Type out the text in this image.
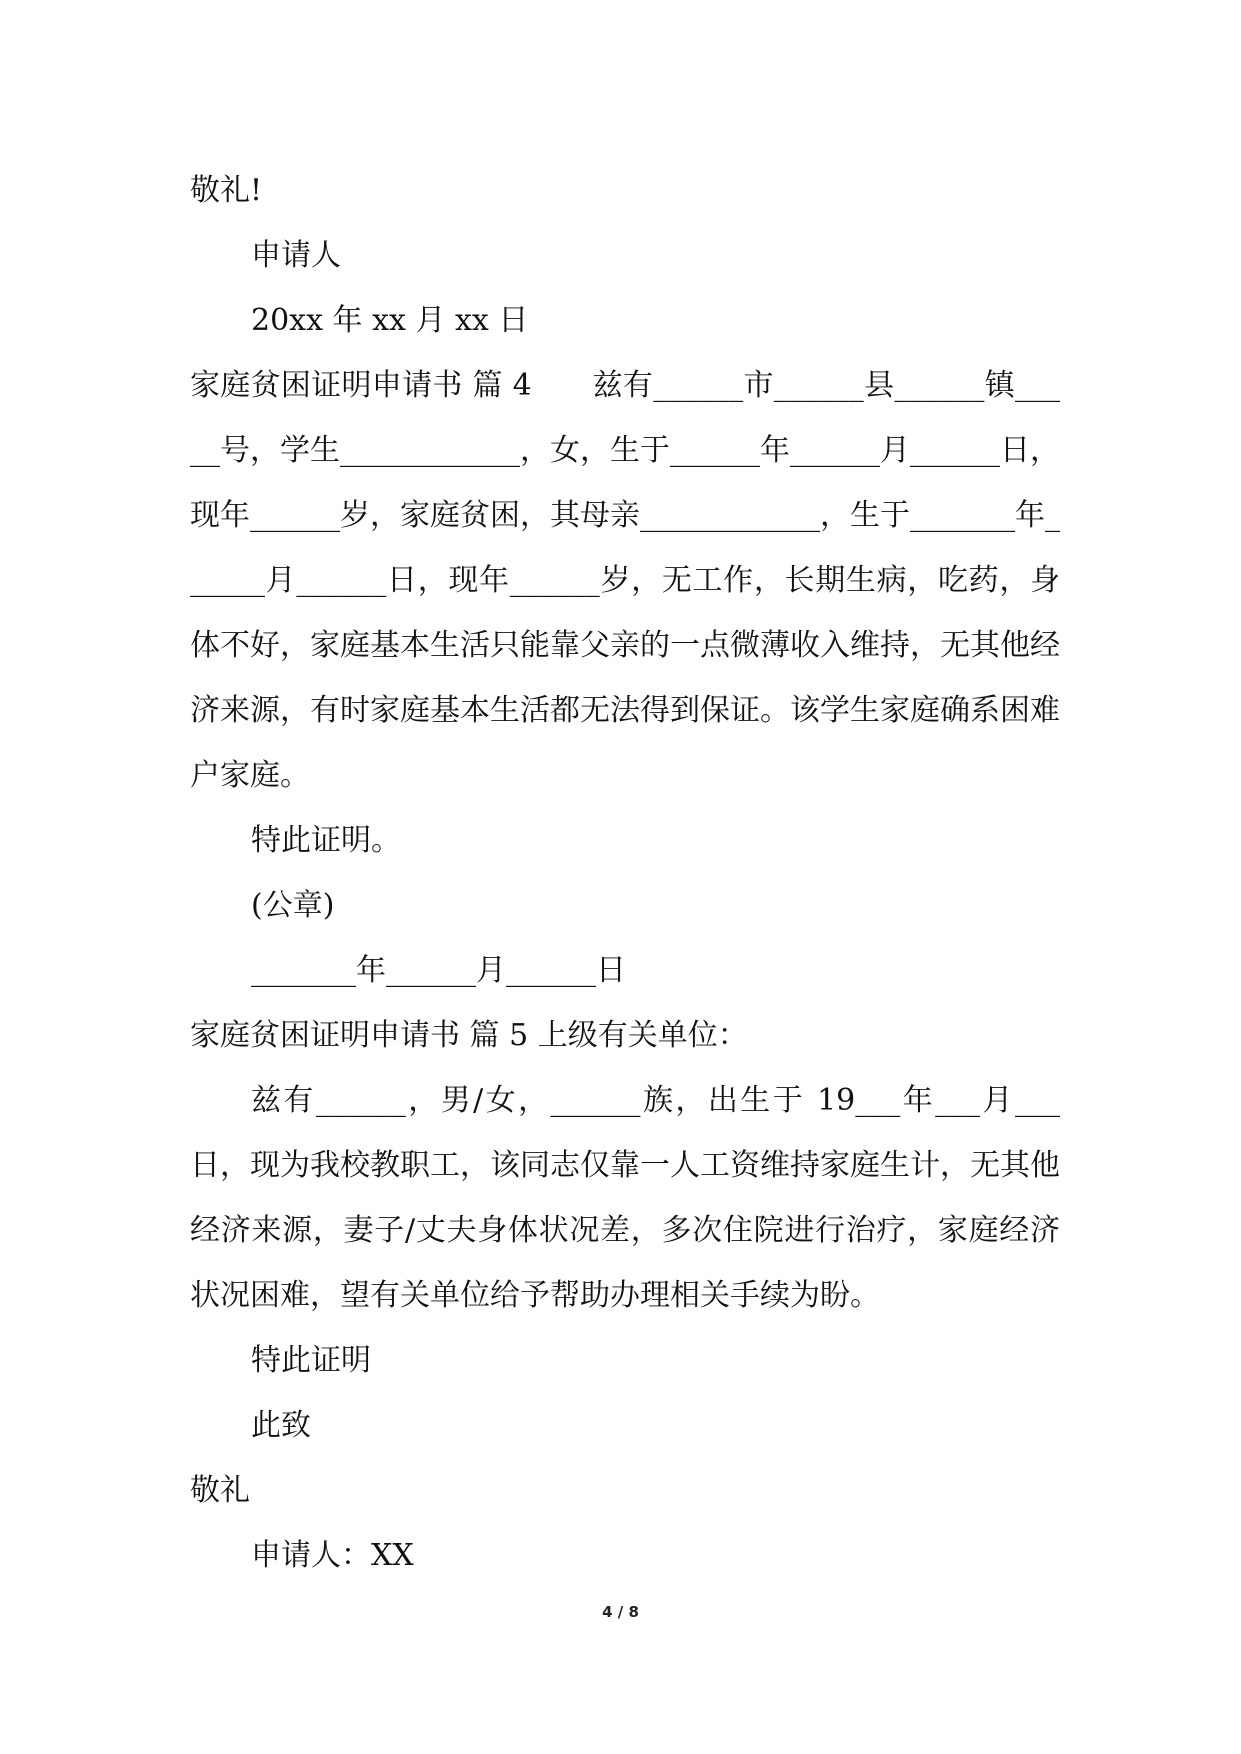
敬礼!
申请人
20xx 年 xx 月 xx 日
家庭贫困证明申请书 篇 4　　兹有______市______县______镇_____号，学生____________，女，生于______年______月______日，现年______岁，家庭贫困，其母亲____________，生于_______年______月______日，现年______岁，无工作，长期生病，吃药，身体不好，家庭基本生活只能靠父亲的一点微薄收入维持，无其他经济来源，有时家庭基本生活都无法得到保证。该学生家庭确系困难户家庭。
特此证明。
(公章)
_______年______月______日
家庭贫困证明申请书 篇 5 上级有关单位：
兹有______，男/女，______族，出生于 19___年___月___日，现为我校教职工，该同志仅靠一人工资维持家庭生计，无其他经济来源，妻子/丈夫身体状况差，多次住院进行治疗，家庭经济状况困难，望有关单位给予帮助办理相关手续为盼。
特此证明
此致
敬礼
申请人：XX
4 / 8
